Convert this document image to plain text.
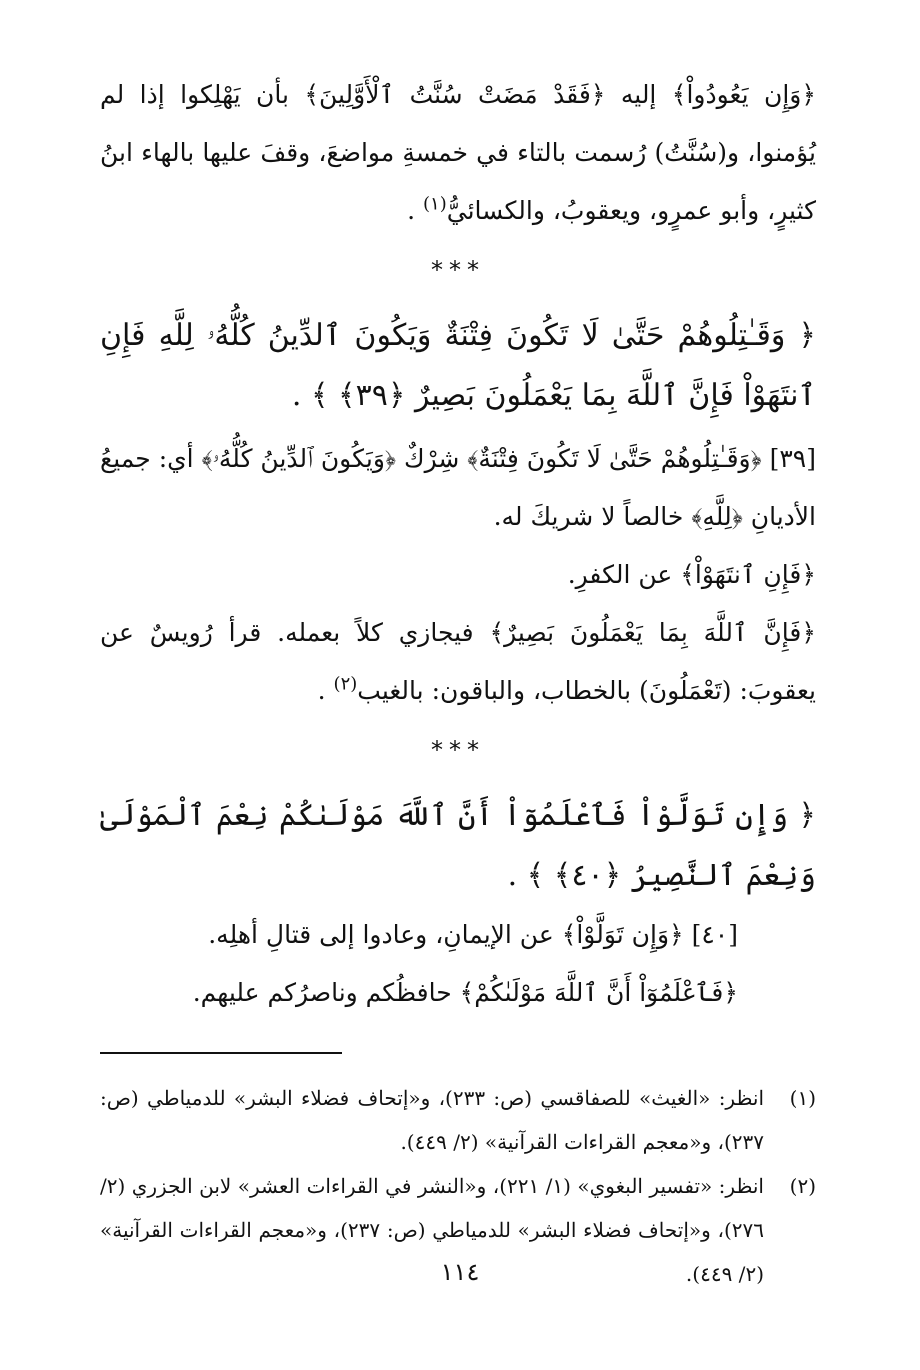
﴿وَإِن يَعُودُواْ﴾ إليه ﴿فَقَدْ مَضَتْ سُنَّتُ ٱلْأَوَّلِينَ﴾ بأن يَهْلِكوا إذا لم يُؤمنوا، و(سُنَّتُ) رُسمت بالتاء في خمسةِ مواضعَ، وقفَ عليها بالهاء ابنُ كثيرٍ، وأبو عمرٍو، ويعقوبُ، والكسائيُّ$^{(١)}$ .

***

﴿ وَقَـٰتِلُوهُمْ حَتَّىٰ لَا تَكُونَ فِتْنَةٌ وَيَكُونَ ٱلدِّينُ كُلُّهُۥ لِلَّهِ فَإِنِ ٱنتَهَوْاْ فَإِنَّ ٱللَّهَ بِمَا يَعْمَلُونَ بَصِيرٌ ﴿٣٩﴾ ﴾ .

[٣٩] ﴿وَقَـٰتِلُوهُمْ حَتَّىٰ لَا تَكُونَ فِتْنَةٌ﴾ شِرْكٌ ﴿وَيَكُونَ ٱلدِّينُ كُلُّهُۥ﴾ أي: جميعُ الأديانِ ﴿لِلَّهِ﴾ خالصاً لا شريكَ له.

﴿فَإِنِ ٱنتَهَوْاْ﴾ عن الكفرِ.

﴿فَإِنَّ ٱللَّهَ بِمَا يَعْمَلُونَ بَصِيرٌ﴾ فيجازي كلاً بعمله. قرأ رُويسٌ عن يعقوبَ: (تَعْمَلُونَ) بالخطاب، والباقون: بالغيب$^{(٢)}$ .

***

﴿ وَإِن تَوَلَّوْاْ فَٱعْلَمُوٓاْ أَنَّ ٱللَّهَ مَوْلَىٰكُمْ نِعْمَ ٱلْمَوْلَىٰ وَنِعْمَ ٱلنَّصِيرُ ﴿٤٠﴾ ﴾ .

[٤٠] ﴿وَإِن تَوَلَّوْاْ﴾ عن الإيمانِ، وعادوا إلى قتالِ أهلِه.

﴿فَٱعْلَمُوٓاْ أَنَّ ٱللَّهَ مَوْلَىٰكُمْ﴾ حافظُكم وناصرُكم عليهم.

(١)
انظر: «الغيث» للصفاقسي (ص: ٢٣٣)، و«إتحاف فضلاء البشر» للدمياطي (ص: ٢٣٧)، و«معجم القراءات القرآنية» (٢/ ٤٤٩).
(٢)
انظر: «تفسير البغوي» (١/ ٢٢١)، و«النشر في القراءات العشر» لابن الجزري (٢/ ٢٧٦)، و«إتحاف فضلاء البشر» للدمياطي (ص: ٢٣٧)، و«معجم القراءات القرآنية» (٢/ ٤٤٩).
١١٤
